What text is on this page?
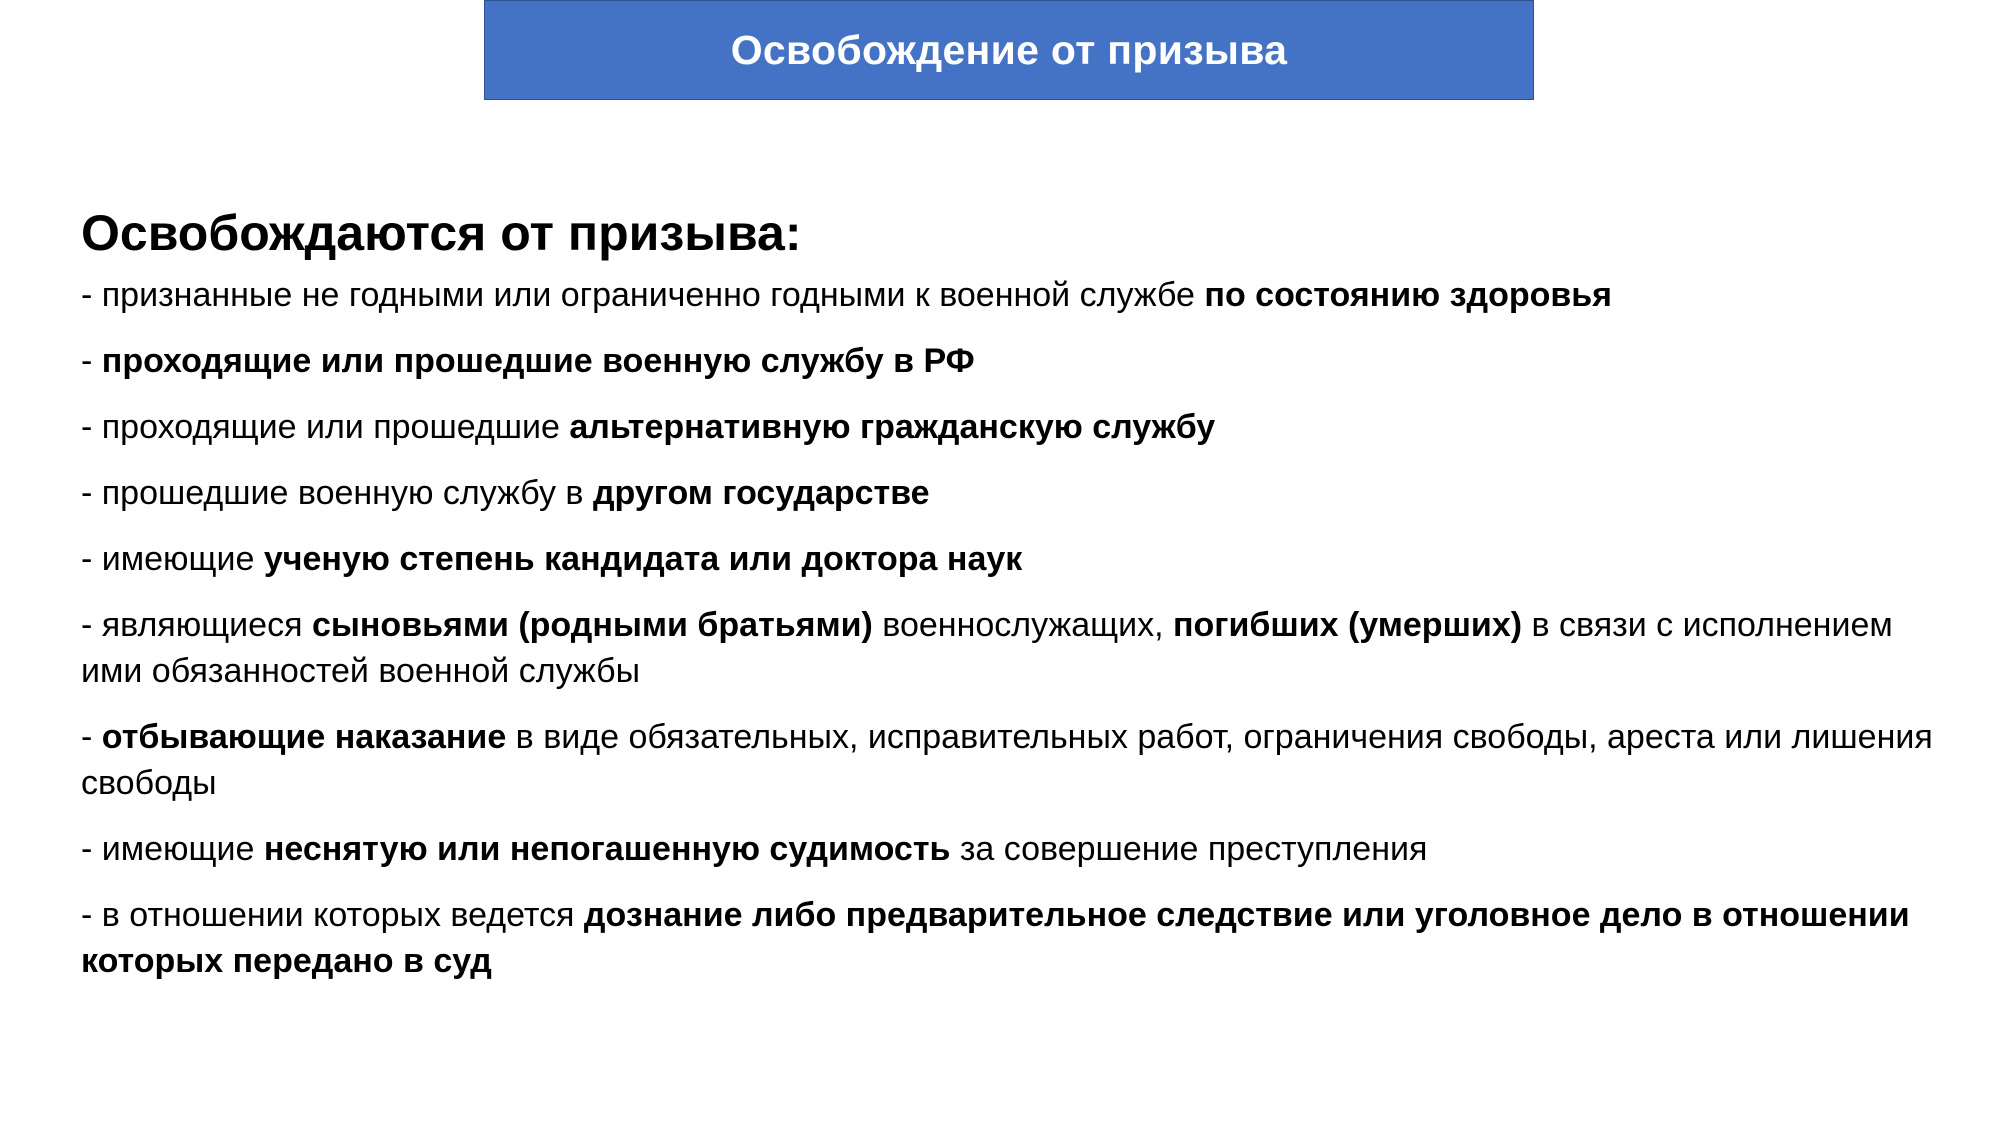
Освобождение от призыва
Освобождаются от призыва:
- признанные не годными или ограниченно годными к военной службе по состоянию здоровья
- проходящие или прошедшие военную службу в РФ
- проходящие или прошедшие альтернативную гражданскую службу
- прошедшие военную службу в другом государстве
- имеющие ученую степень кандидата или доктора наук
- являющиеся сыновьями (родными братьями) военнослужащих, погибших (умерших) в связи с исполнением ими обязанностей военной службы
- отбывающие наказание в виде обязательных, исправительных работ, ограничения свободы, ареста или лишения свободы
- имеющие неснятую или непогашенную судимость за совершение преступления
- в отношении которых ведется дознание либо предварительное следствие или уголовное дело в отношении которых передано в суд
